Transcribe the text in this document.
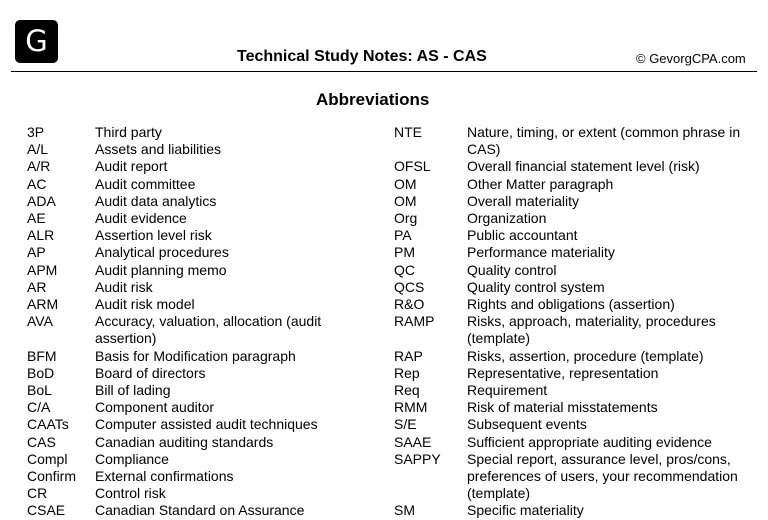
G	Technical Study Notes: AS - CAS	© GevorgCPA.com
Abbreviations
3P	Third party
A/L	Assets and liabilities
A/R	Audit report
AC	Audit committee
ADA	Audit data analytics
AE	Audit evidence
ALR	Assertion level risk
AP	Analytical procedures
APM	Audit planning memo
AR	Audit risk
ARM	Audit risk model
AVA	Accuracy, valuation, allocation (audit assertion)
BFM	Basis for Modification paragraph
BoD	Board of directors
BoL	Bill of lading
C/A	Component auditor
CAATs	Computer assisted audit techniques
CAS	Canadian auditing standards
Compl	Compliance
Confirm	External confirmations
CR	Control risk
CSAE	Canadian Standard on Assurance
NTE	Nature, timing, or extent (common phrase in CAS)
OFSL	Overall financial statement level (risk)
OM	Other Matter paragraph
OM	Overall materiality
Org	Organization
PA	Public accountant
PM	Performance materiality
QC	Quality control
QCS	Quality control system
R&O	Rights and obligations (assertion)
RAMP	Risks, approach, materiality, procedures (template)
RAP	Risks, assertion, procedure (template)
Rep	Representative, representation
Req	Requirement
RMM	Risk of material misstatements
S/E	Subsequent events
SAAE	Sufficient appropriate auditing evidence
SAPPY	Special report, assurance level, pros/cons, preferences of users, your recommendation (template)
SM	Specific materiality
